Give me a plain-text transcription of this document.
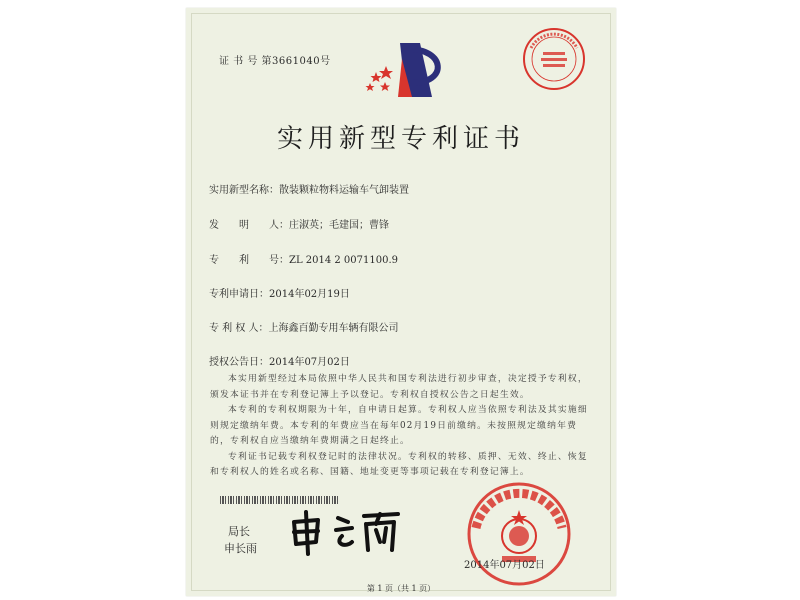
证 书 号 第3661040号
实用新型专利证书
实用新型名称：散装颗粒物料运输车气卸装置
发　　明　　人：庄淑英；毛建国；曹锋
专　　利　　号：ZL 2014 2 0071100.9
专利申请日：2014年02月19日
专 利 权 人：上海鑫百勤专用车辆有限公司
授权公告日：2014年07月02日

本实用新型经过本局依照中华人民共和国专利法进行初步审查，决定授予专利权，颁发本证书并在专利登记簿上予以登记。专利权自授权公告之日起生效。

本专利的专利权期限为十年，自申请日起算。专利权人应当依照专利法及其实施细则规定缴纳年费。本专利的年费应当在每年02月19日前缴纳。未按照规定缴纳年费的，专利权自应当缴纳年费期满之日起终止。

专利证书记载专利权登记时的法律状况。专利权的转移、质押、无效、终止、恢复和专利权人的姓名或名称、国籍、地址变更等事项记载在专利登记簿上。

局长
申长雨
2014年07月02日
第 1 页（共 1 页）
